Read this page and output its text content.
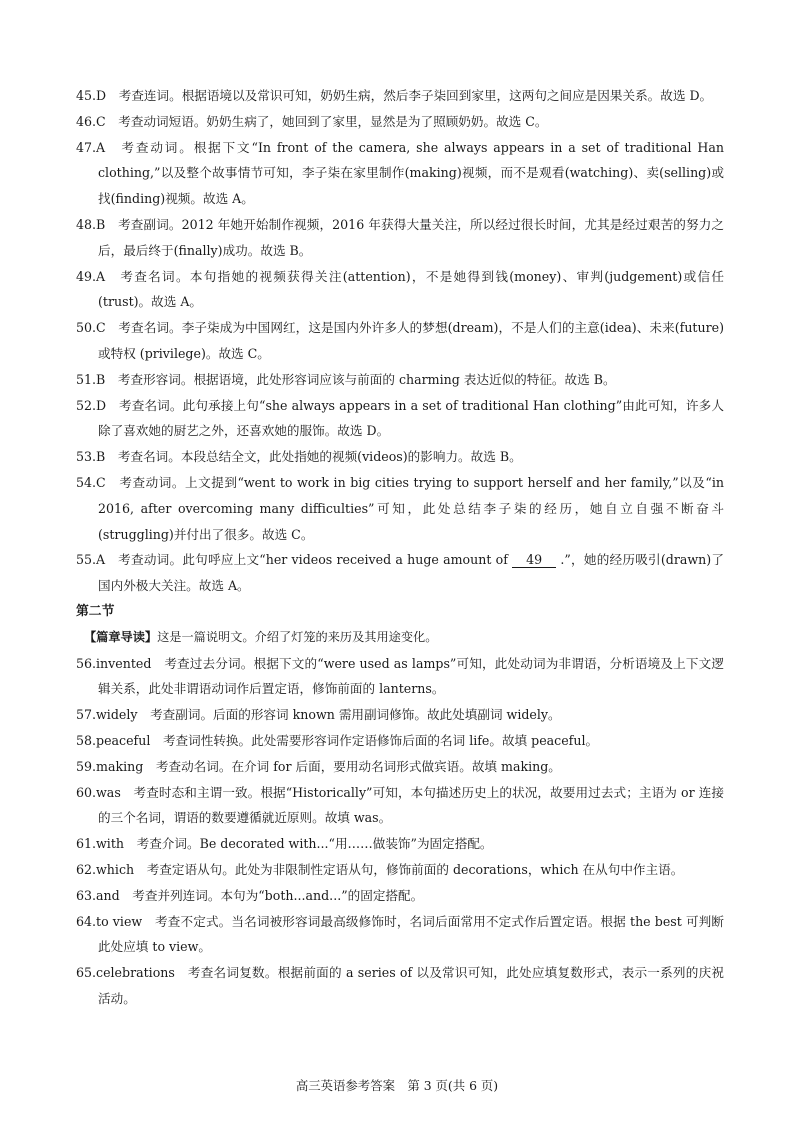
45.D　考查连词。根据语境以及常识可知，奶奶生病，然后李子柒回到家里，这两句之间应是因果关系。故选 D。

46.C　考查动词短语。奶奶生病了，她回到了家里，显然是为了照顾奶奶。故选 C。

47.A　考查动词。根据下文“In front of the camera, she always appears in a set of traditional Han clothing,”以及整个故事情节可知，李子柒在家里制作(making)视频，而不是观看(watching)、卖(selling)或找(finding)视频。故选 A。

48.B　考查副词。2012 年她开始制作视频，2016 年获得大量关注，所以经过很长时间，尤其是经过艰苦的努力之后，最后终于(finally)成功。故选 B。

49.A　考查名词。本句指她的视频获得关注(attention)，不是她得到钱(money)、审判(judgement)或信任(trust)。故选 A。

50.C　考查名词。李子柒成为中国网红，这是国内外许多人的梦想(dream)，不是人们的主意(idea)、未来(future)或特权 (privilege)。故选 C。

51.B　考查形容词。根据语境，此处形容词应该与前面的 charming 表达近似的特征。故选 B。

52.D　考查名词。此句承接上句“she always appears in a set of traditional Han clothing”由此可知，许多人除了喜欢她的厨艺之外，还喜欢她的服饰。故选 D。

53.B　考查名词。本段总结全文，此处指她的视频(videos)的影响力。故选 B。

54.C　考查动词。上文提到“went to work in big cities trying to support herself and her family,”以及“in 2016, after overcoming many difficulties”可知，此处总结李子柒的经历，她自立自强不断奋斗(struggling)并付出了很多。故选 C。

55.A　考查动词。此句呼应上文“her videos received a huge amount of 49 .”，她的经历吸引(drawn)了国内外极大关注。故选 A。

第二节

【篇章导读】这是一篇说明文。介绍了灯笼的来历及其用途变化。

56.invented　考查过去分词。根据下文的“were used as lamps”可知，此处动词为非谓语，分析语境及上下文逻辑关系，此处非谓语动词作后置定语，修饰前面的 lanterns。

57.widely　考查副词。后面的形容词 known 需用副词修饰。故此处填副词 widely。

58.peaceful　考查词性转换。此处需要形容词作定语修饰后面的名词 life。故填 peaceful。

59.making　考查动名词。在介词 for 后面，要用动名词形式做宾语。故填 making。

60.was　考查时态和主谓一致。根据“Historically”可知，本句描述历史上的状况，故要用过去式；主语为 or 连接的三个名词，谓语的数要遵循就近原则。故填 was。

61.with　考查介词。Be decorated with...“用……做装饰”为固定搭配。

62.which　考查定语从句。此处为非限制性定语从句，修饰前面的 decorations，which 在从句中作主语。

63.and　考查并列连词。本句为“both...and...”的固定搭配。

64.to view　考查不定式。当名词被形容词最高级修饰时，名词后面常用不定式作后置定语。根据 the best 可判断此处应填 to view。

65.celebrations　考查名词复数。根据前面的 a series of 以及常识可知，此处应填复数形式，表示一系列的庆祝活动。

高三英语参考答案　第 3 页(共 6 页)
